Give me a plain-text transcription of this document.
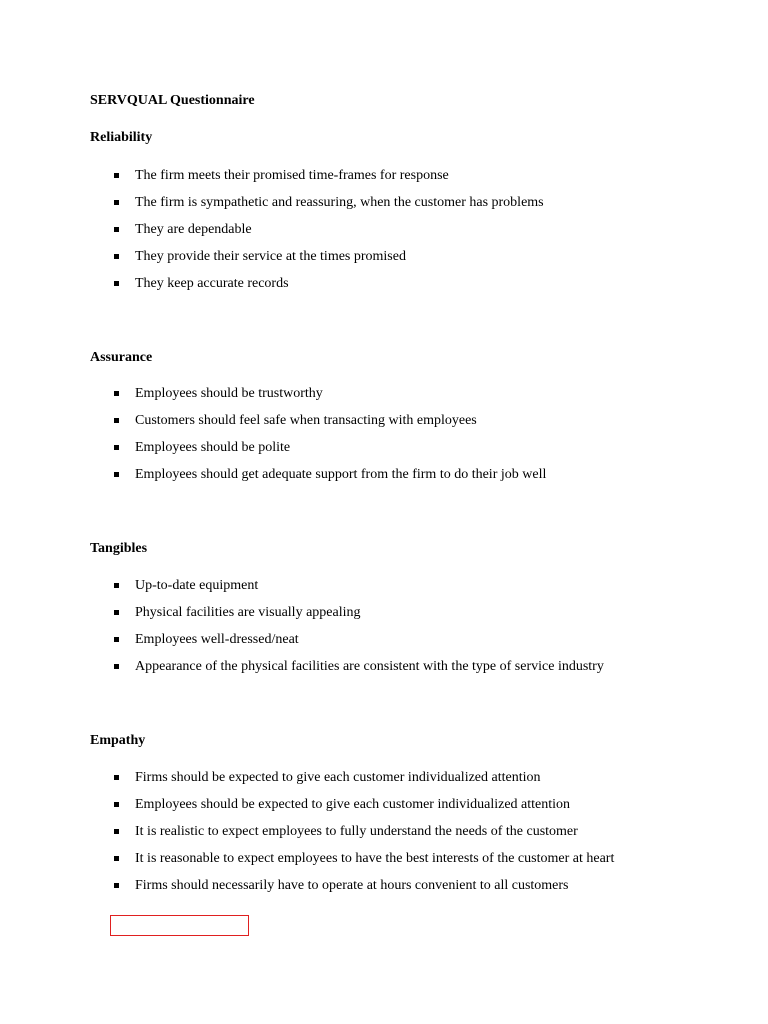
SERVQUAL Questionnaire
Reliability
The firm meets their promised time-frames for response
The firm is sympathetic and reassuring, when the customer has problems
They are dependable
They provide their service at the times promised
They keep accurate records
Assurance
Employees should be trustworthy
Customers should feel safe when transacting with employees
Employees should be polite
Employees should get adequate support from the firm to do their job well
Tangibles
Up-to-date equipment
Physical facilities are visually appealing
Employees well-dressed/neat
Appearance of the physical facilities are consistent with the type of service industry
Empathy
Firms should be expected to give each customer individualized attention
Employees should be expected to give each customer individualized attention
It is realistic to expect employees to fully understand the needs of the customer
It is reasonable to expect employees to have the best interests of the customer at heart
Firms should necessarily have to operate at hours convenient to all customers
